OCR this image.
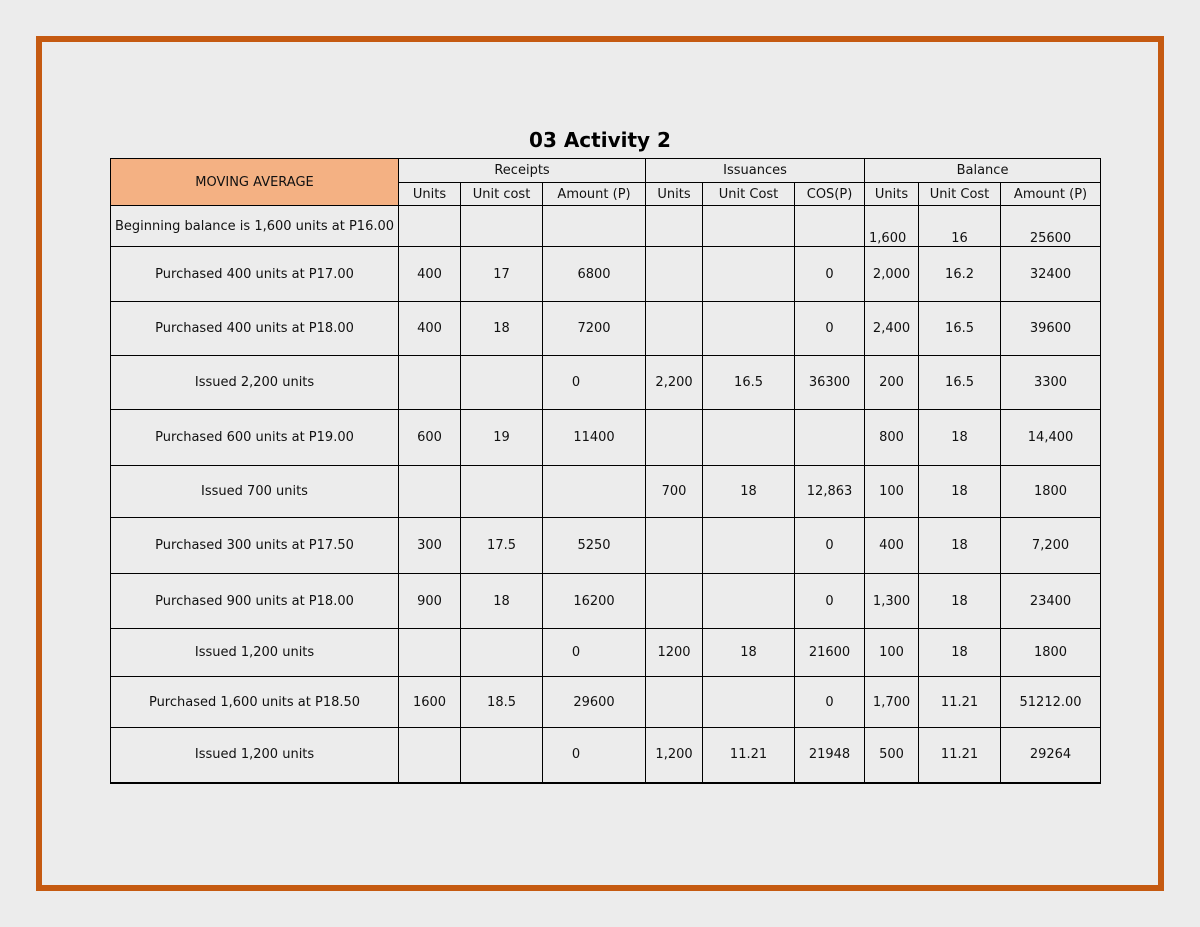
03 Activity 2
MOVING AVERAGE	Receipts			Issuances			Balance		
	Units	Unit cost	Amount (P)	Units	Unit Cost	COS(P)	Units	Unit Cost	Amount (P)
Beginning balance is 1,600 units at P16.00							1,600	16	25600
Purchased 400 units at P17.00	400	17	6800			0	2,000	16.2	32400
Purchased 400 units at P18.00	400	18	7200			0	2,400	16.5	39600
Issued 2,200 units			0	2,200	16.5	36300	200	16.5	3300
Purchased 600 units at P19.00	600	19	11400				800	18	14,400
Issued 700 units				700	18	12,863	100	18	1800
Purchased 300 units at P17.50	300	17.5	5250			0	400	18	7,200
Purchased 900 units at P18.00	900	18	16200			0	1,300	18	23400
Issued 1,200 units			0	1200	18	21600	100	18	1800
Purchased 1,600 units at P18.50	1600	18.5	29600			0	1,700	11.21	51212.00
Issued 1,200 units			0	1,200	11.21	21948	500	11.21	29264
